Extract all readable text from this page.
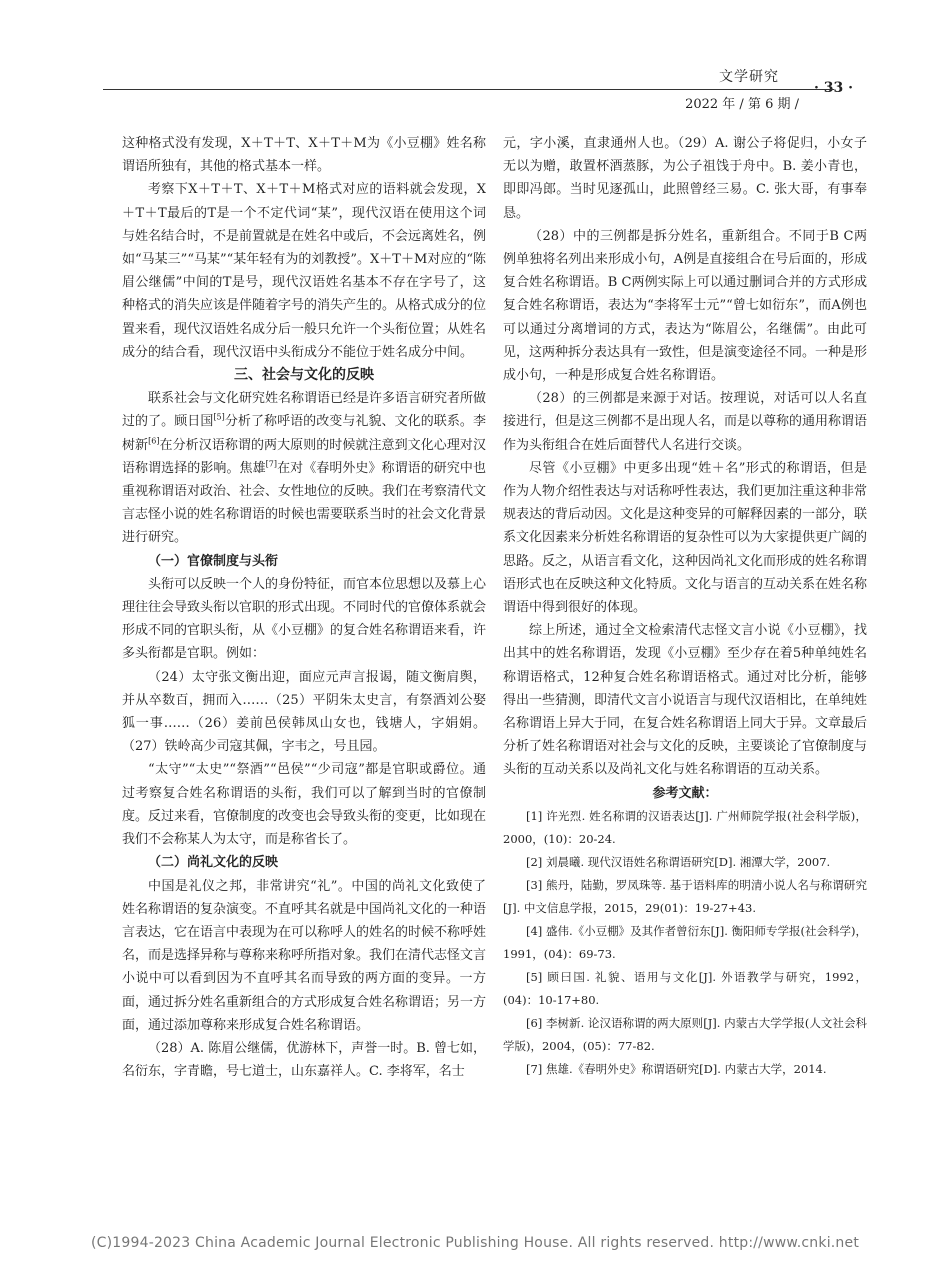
文学研究
· 33 ·
2022 年 / 第 6 期 /

这种格式没有发现，X＋T＋T、X＋T＋M为《小豆棚》姓名称谓语所独有，其他的格式基本一样。

考察下X＋T＋T、X＋T＋M格式对应的语料就会发现，X＋T＋T最后的T是一个不定代词“某”，现代汉语在使用这个词与姓名结合时，不是前置就是在姓名中或后，不会远离姓名，例如“马某三”“马某”“某年轻有为的刘教授”。X＋T＋M对应的“陈眉公继儒”中间的T是号，现代汉语姓名基本不存在字号了，这种格式的消失应该是伴随着字号的消失产生的。从格式成分的位置来看，现代汉语姓名成分后一般只允许一个头衔位置；从姓名成分的结合看，现代汉语中头衔成分不能位于姓名成分中间。

三、社会与文化的反映

联系社会与文化研究姓名称谓语已经是许多语言研究者所做过的了。顾日国[5]分析了称呼语的改变与礼貌、文化的联系。李树新[6]在分析汉语称谓的两大原则的时候就注意到文化心理对汉语称谓选择的影响。焦雄[7]在对《春明外史》称谓语的研究中也重视称谓语对政治、社会、女性地位的反映。我们在考察清代文言志怪小说的姓名称谓语的时候也需要联系当时的社会文化背景进行研究。

（一）官僚制度与头衔

头衔可以反映一个人的身份特征，而官本位思想以及慕上心理往往会导致头衔以官职的形式出现。不同时代的官僚体系就会形成不同的官职头衔，从《小豆棚》的复合姓名称谓语来看，许多头衔都是官职。例如：

（24）太守张文衡出迎，面应元声言报谒，随文衡肩舆，并从卒数百，拥而入……（25）平阴朱太史言，有祭酒刘公娶狐一事……（26）姜前邑侯韩凤山女也，钱塘人，字娟娟。（27）铁岭高少司寇其佩，字韦之，号且园。

“太守”“太史”“祭酒”“邑侯”“少司寇”都是官职或爵位。通过考察复合姓名称谓语的头衔，我们可以了解到当时的官僚制度。反过来看，官僚制度的改变也会导致头衔的变更，比如现在我们不会称某人为太守，而是称省长了。

（二）尚礼文化的反映

中国是礼仪之邦，非常讲究“礼”。中国的尚礼文化致使了姓名称谓语的复杂演变。不直呼其名就是中国尚礼文化的一种语言表达，它在语言中表现为在可以称呼人的姓名的时候不称呼姓名，而是选择异称与尊称来称呼所指对象。我们在清代志怪文言小说中可以看到因为不直呼其名而导致的两方面的变异。一方面，通过拆分姓名重新组合的方式形成复合姓名称谓语；另一方面，通过添加尊称来形成复合姓名称谓语。

（28）A. 陈眉公继儒，优游林下，声誉一时。B. 曾七如，名衍东，字青瞻，号七道士，山东嘉祥人。C. 李将军，名士

元，字小溪，直隶通州人也。（29）A. 谢公子将促归，小女子无以为赠，敢置杯酒蒸豚，为公子祖饯于舟中。B. 姜小青也，即即冯郎。当时见逐孤山，此照曾经三易。C. 张大哥，有事奉恳。

（28）中的三例都是拆分姓名，重新组合。不同于B C两例单独将名列出来形成小句，A例是直接组合在号后面的，形成复合姓名称谓语。B C两例实际上可以通过删词合并的方式形成复合姓名称谓语，表达为“李将军士元”“曾七如衍东”，而A例也可以通过分离增词的方式，表达为“陈眉公，名继儒”。由此可见，这两种拆分表达具有一致性，但是演变途径不同。一种是形成小句，一种是形成复合姓名称谓语。

（28）的三例都是来源于对话。按理说，对话可以人名直接进行，但是这三例都不是出现人名，而是以尊称的通用称谓语作为头衔组合在姓后面替代人名进行交谈。

尽管《小豆棚》中更多出现“姓＋名”形式的称谓语，但是作为人物介绍性表达与对话称呼性表达，我们更加注重这种非常规表达的背后动因。文化是这种变异的可解释因素的一部分，联系文化因素来分析姓名称谓语的复杂性可以为大家提供更广阔的思路。反之，从语言看文化，这种因尚礼文化而形成的姓名称谓语形式也在反映这种文化特质。文化与语言的互动关系在姓名称谓语中得到很好的体现。

综上所述，通过全文检索清代志怪文言小说《小豆棚》，找出其中的姓名称谓语，发现《小豆棚》至少存在着5种单纯姓名称谓语格式，12种复合姓名称谓语格式。通过对比分析，能够得出一些猜测，即清代文言小说语言与现代汉语相比，在单纯姓名称谓语上异大于同，在复合姓名称谓语上同大于异。文章最后分析了姓名称谓语对社会与文化的反映，主要谈论了官僚制度与头衔的互动关系以及尚礼文化与姓名称谓语的互动关系。

参考文献：
[1] 许光烈. 姓名称谓的汉语表达[J]. 广州师院学报(社会科学版)，2000，(10)：20-24.
[2] 刘晨曦. 现代汉语姓名称谓语研究[D]. 湘潭大学，2007.
[3] 熊丹，陆勤，罗凤珠等. 基于语料库的明清小说人名与称谓研究[J]. 中文信息学报，2015，29(01)：19-27+43.
[4] 盛伟.《小豆棚》及其作者曾衍东[J]. 衡阳师专学报(社会科学)，1991，(04)：69-73.
[5] 顾曰国. 礼貌、语用与文化[J]. 外语教学与研究，1992，(04)：10-17+80.
[6] 李树新. 论汉语称谓的两大原则[J]. 内蒙古大学学报(人文社会科学版)，2004，(05)：77-82.
[7] 焦雄.《春明外史》称谓语研究[D]. 内蒙古大学，2014.
(C)1994-2023 China Academic Journal Electronic Publishing House. All rights reserved. http://www.cnki.net
